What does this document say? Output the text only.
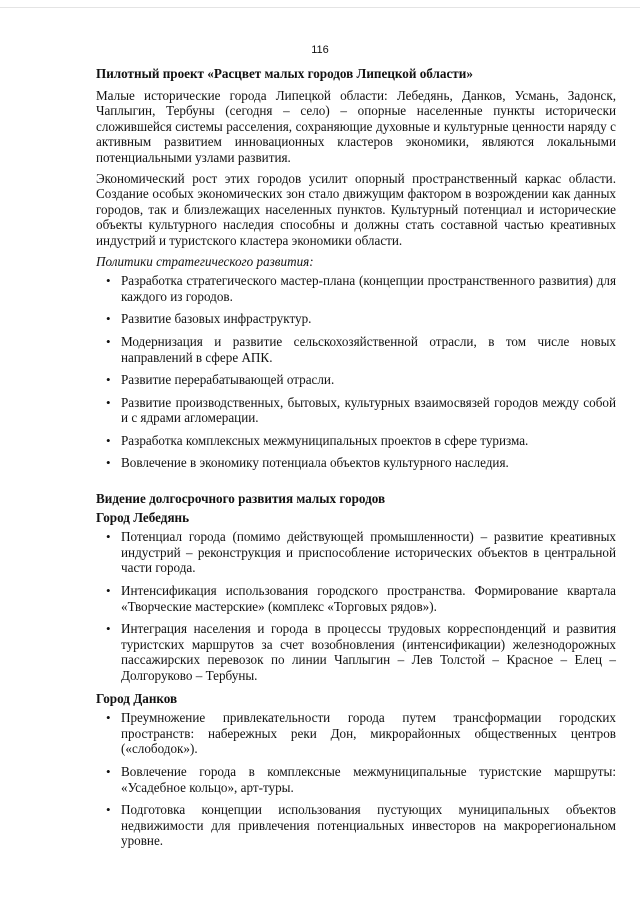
116
Пилотный проект «Расцвет малых городов Липецкой области»

Малые исторические города Липецкой области: Лебедянь, Данков, Усмань, Задонск, Чаплыгин, Тербуны (сегодня – село) – опорные населенные пункты исторически сложившейся системы расселения, сохраняющие духовные и культурные ценности наряду с активным развитием инновационных кластеров экономики, являются локальными потенциальными узлами развития.

Экономический рост этих городов усилит опорный пространственный каркас области. Создание особых экономических зон стало движущим фактором в возрождении как данных городов, так и близлежащих населенных пунктов. Культурный потенциал и исторические объекты культурного наследия способны и должны стать составной частью креативных индустрий и туристского кластера экономики области.

Политики стратегического развития:

• Разработка стратегического мастер-плана (концепции пространственного развития) для каждого из городов.
• Развитие базовых инфраструктур.
• Модернизация и развитие сельскохозяйственной отрасли, в том числе новых направлений в сфере АПК.
• Развитие перерабатывающей отрасли.
• Развитие производственных, бытовых, культурных взаимосвязей городов между собой и с ядрами агломерации.
• Разработка комплексных межмуниципальных проектов в сфере туризма.
• Вовлечение в экономику потенциала объектов культурного наследия.
Видение долгосрочного развития малых городов
Город Лебедянь
• Потенциал города (помимо действующей промышленности) – развитие креативных индустрий – реконструкция и приспособление исторических объектов в центральной части города.
• Интенсификация использования городского пространства. Формирование квартала «Творческие мастерские» (комплекс «Торговых рядов»).
• Интеграция населения и города в процессы трудовых корреспонденций и развития туристских маршрутов за счет возобновления (интенсификации) железнодорожных пассажирских перевозок по линии Чаплыгин – Лев Толстой – Красное – Елец – Долгоруково – Тербуны.
Город Данков
• Преумножение привлекательности города путем трансформации городских пространств: набережных реки Дон, микрорайонных общественных центров («слободок»).
• Вовлечение города в комплексные межмуниципальные туристские маршруты: «Усадебное кольцо», арт-туры.
• Подготовка концепции использования пустующих муниципальных объектов недвижимости для привлечения потенциальных инвесторов на макрорегиональном уровне.
